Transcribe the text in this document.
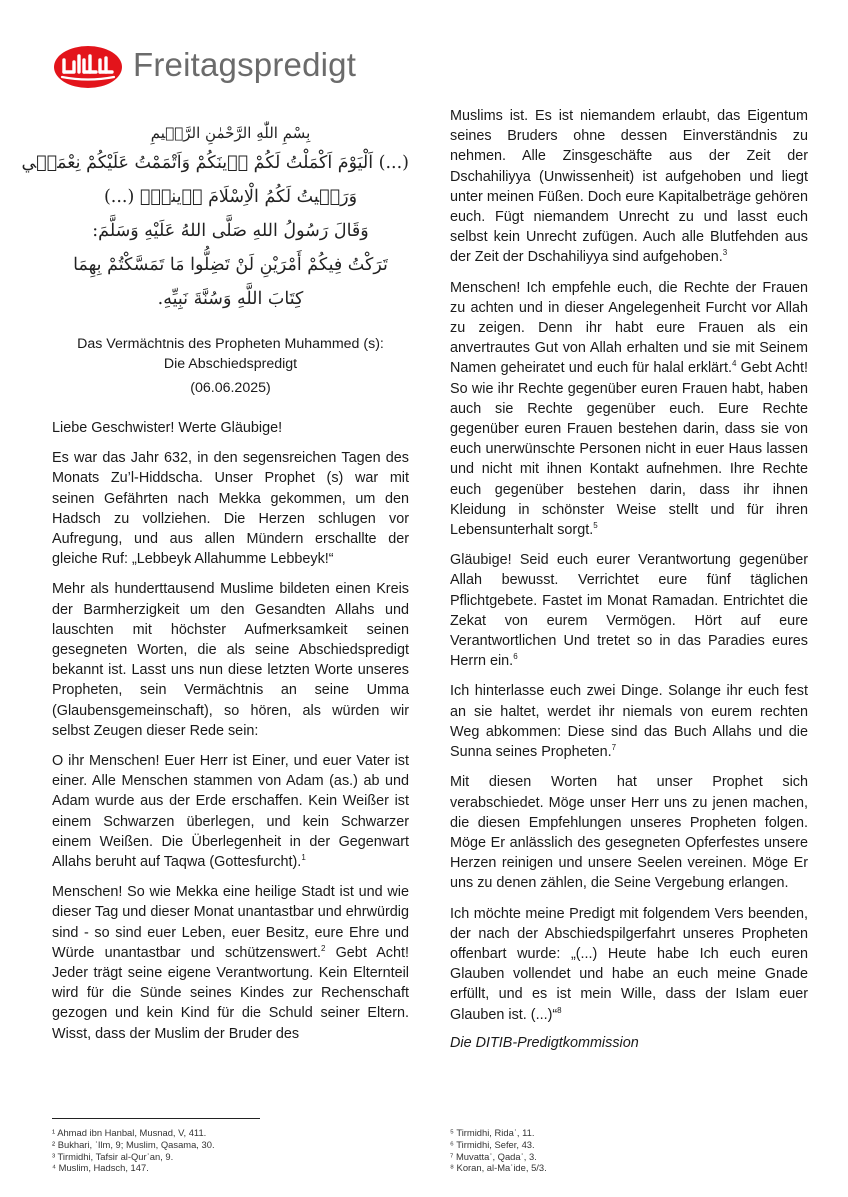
Freitagspredigt
بِسْمِ اللّٰهِ الرَّحْمٰنِ الرَّح۪يمِ
(...) اَلْيَوْمَ اَكْمَلْتُ لَكُمْ د۪ينَكُمْ وَاَتْمَمْتُ عَلَيْكُمْ نِعْمَت۪ي
وَرَض۪يتُ لَكُمُ الْاِسْلَامَ د۪يناًۜ (...)
وَقَالَ رَسُولُ اللهِ صَلَّى اللهُ عَلَيْهِ وَسَلَّمَ:
تَرَكْتُ فِيكُمْ أَمْرَيْنِ لَنْ تَضِلُّوا مَا تَمَسَّكْتُمْ بِهِمَا
كِتَابَ اللَّهِ وَسُنَّةَ نَبِيِّهِ.
Das Vermächtnis des Propheten Muhammed (s):
Die Abschiedspredigt
(06.06.2025)

Liebe Geschwister! Werte Gläubige!

Es war das Jahr 632, in den segensreichen Tagen des Monats Zu’l-Hiddscha. Unser Prophet (s) war mit seinen Gefährten nach Mekka gekommen, um den Hadsch zu vollziehen. Die Herzen schlugen vor Aufregung, und aus allen Mündern erschallte der gleiche Ruf: „Lebbeyk Allahumme Lebbeyk!“

Mehr als hunderttausend Muslime bildeten einen Kreis der Barmherzigkeit um den Gesandten Allahs und lauschten mit höchster Aufmerksamkeit seinen gesegneten Worten, die als seine Abschiedspredigt bekannt ist. Lasst uns nun diese letzten Worte unseres Propheten, sein Vermächtnis an seine Umma (Glaubensgemeinschaft), so hören, als würden wir selbst Zeugen dieser Rede sein:

O ihr Menschen! Euer Herr ist Einer, und euer Vater ist einer. Alle Menschen stammen von Adam (as.) ab und Adam wurde aus der Erde erschaffen. Kein Weißer ist einem Schwarzen überlegen, und kein Schwarzer einem Weißen. Die Überlegenheit in der Gegenwart Allahs beruht auf Taqwa (Gottesfurcht).$^1$

Menschen! So wie Mekka eine heilige Stadt ist und wie dieser Tag und dieser Monat unantastbar und ehrwürdig sind - so sind euer Leben, euer Besitz, eure Ehre und Würde unantastbar und schützenswert.$^2$ Gebt Acht! Jeder trägt seine eigene Verantwortung. Kein Elternteil wird für die Sünde seines Kindes zur Rechenschaft gezogen und kein Kind für die Schuld seiner Eltern. Wisst, dass der Muslim der Bruder des

Muslims ist. Es ist niemandem erlaubt, das Eigentum seines Bruders ohne dessen Einverständnis zu nehmen. Alle Zinsgeschäfte aus der Zeit der Dschahiliyya (Unwissenheit) ist aufgehoben und liegt unter meinen Füßen. Doch eure Kapitalbeträge gehören euch. Fügt niemandem Unrecht zu und lasst euch selbst kein Unrecht zufügen. Auch alle Blutfehden aus der Zeit der Dschahiliyya sind aufgehoben.$^3$

Menschen! Ich empfehle euch, die Rechte der Frauen zu achten und in dieser Angelegenheit Furcht vor Allah zu zeigen. Denn ihr habt eure Frauen als ein anvertrautes Gut von Allah erhalten und sie mit Seinem Namen geheiratet und euch für halal erklärt.$^4$ Gebt Acht! So wie ihr Rechte gegenüber euren Frauen habt, haben auch sie Rechte gegenüber euch. Eure Rechte gegenüber euren Frauen bestehen darin, dass sie von euch unerwünschte Personen nicht in euer Haus lassen und nicht mit ihnen Kontakt aufnehmen. Ihre Rechte euch gegenüber bestehen darin, dass ihr ihnen Kleidung in schönster Weise stellt und für ihren Lebensunterhalt sorgt.$^5$

Gläubige! Seid euch eurer Verantwortung gegenüber Allah bewusst. Verrichtet eure fünf täglichen Pflichtgebete. Fastet im Monat Ramadan. Entrichtet die Zekat von eurem Vermögen. Hört auf eure Verantwortlichen Und tretet so in das Paradies eures Herrn ein.$^6$

Ich hinterlasse euch zwei Dinge. Solange ihr euch fest an sie haltet, werdet ihr niemals von eurem rechten Weg abkommen: Diese sind das Buch Allahs und die Sunna seines Propheten.$^7$

Mit diesen Worten hat unser Prophet sich verabschiedet. Möge unser Herr uns zu jenen machen, die diesen Empfehlungen unseres Propheten folgen. Möge Er anlässlich des gesegneten Opferfestes unsere Herzen reinigen und unsere Seelen vereinen. Möge Er uns zu denen zählen, die Seine Vergebung erlangen.

Ich möchte meine Predigt mit folgendem Vers beenden, der nach der Abschiedspilgerfahrt unseres Propheten offenbart wurde: „(...) Heute habe Ich euch euren Glauben vollendet und habe an euch meine Gnade erfüllt, und es ist mein Wille, dass der Islam euer Glauben ist. (...)“$^8$

Die DITIB-Predigtkommission
¹ Ahmad ibn Hanbal, Musnad, V, 411.
² Bukhari, ʿIlm, 9; Muslim, Qasama, 30.
³ Tirmidhi, Tafsir al-Qurʾan, 9.
⁴ Muslim, Hadsch, 147.
⁵ Tirmidhi, Ridaʿ, 11.
⁶ Tirmidhi, Sefer, 43.
⁷ Muvattaʾ, Qadaʾ, 3.
⁸ Koran, al-Maʾide, 5/3.
